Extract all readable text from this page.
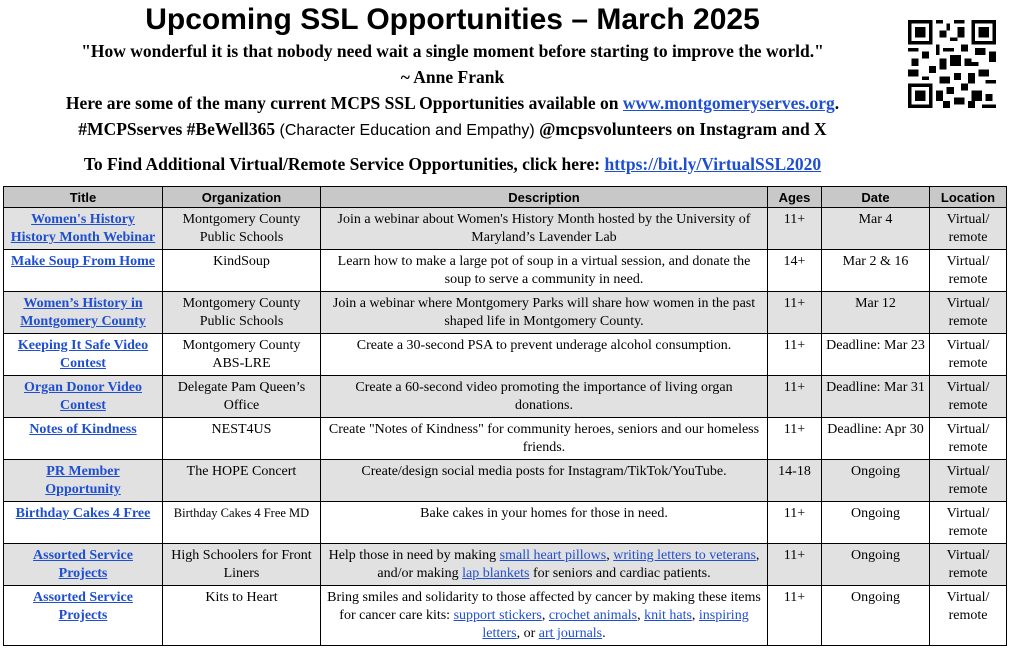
Upcoming SSL Opportunities – March 2025
"How wonderful it is that nobody need wait a single moment before starting to improve the world."
~ Anne Frank
Here are some of the many current MCPS SSL Opportunities available on www.montgomeryserves.org.
#MCPSserves #BeWell365 (Character Education and Empathy) @mcpsvolunteers on Instagram and X
To Find Additional Virtual/Remote Service Opportunities, click here: https://bit.ly/VirtualSSL2020
Title	Organization	Description	Ages	Date	Location
Women's History History Month Webinar	Montgomery County Public Schools	Join a webinar about Women's History Month hosted by the University of Maryland’s Lavender Lab	11+	Mar 4	Virtual/ remote
Make Soup From Home	KindSoup	Learn how to make a large pot of soup in a virtual session, and donate the soup to serve a community in need.	14+	Mar 2 & 16	Virtual/ remote
Women’s History in Montgomery County	Montgomery County Public Schools	Join a webinar where Montgomery Parks will share how women in the past shaped life in Montgomery County.	11+	Mar 12	Virtual/ remote
Keeping It Safe Video Contest	Montgomery County ABS-LRE	Create a 30-second PSA to prevent underage alcohol consumption.	11+	Deadline: Mar 23	Virtual/ remote
Organ Donor Video Contest	Delegate Pam Queen’s Office	Create a 60-second video promoting the importance of living organ donations.	11+	Deadline: Mar 31	Virtual/ remote
Notes of Kindness	NEST4US	Create "Notes of Kindness" for community heroes, seniors and our homeless friends.	11+	Deadline: Apr 30	Virtual/ remote
PR Member Opportunity	The HOPE Concert	Create/design social media posts for Instagram/TikTok/YouTube.	14-18	Ongoing	Virtual/ remote
Birthday Cakes 4 Free	Birthday Cakes 4 Free MD	Bake cakes in your homes for those in need.	11+	Ongoing	Virtual/ remote
Assorted Service Projects	High Schoolers for Front Liners	Help those in need by making small heart pillows, writing letters to veterans, and/or making lap blankets for seniors and cardiac patients.	11+	Ongoing	Virtual/ remote
Assorted Service Projects	Kits to Heart	Bring smiles and solidarity to those affected by cancer by making these items for cancer care kits: support stickers, crochet animals, knit hats, inspiring letters, or art journals.	11+	Ongoing	Virtual/ remote
